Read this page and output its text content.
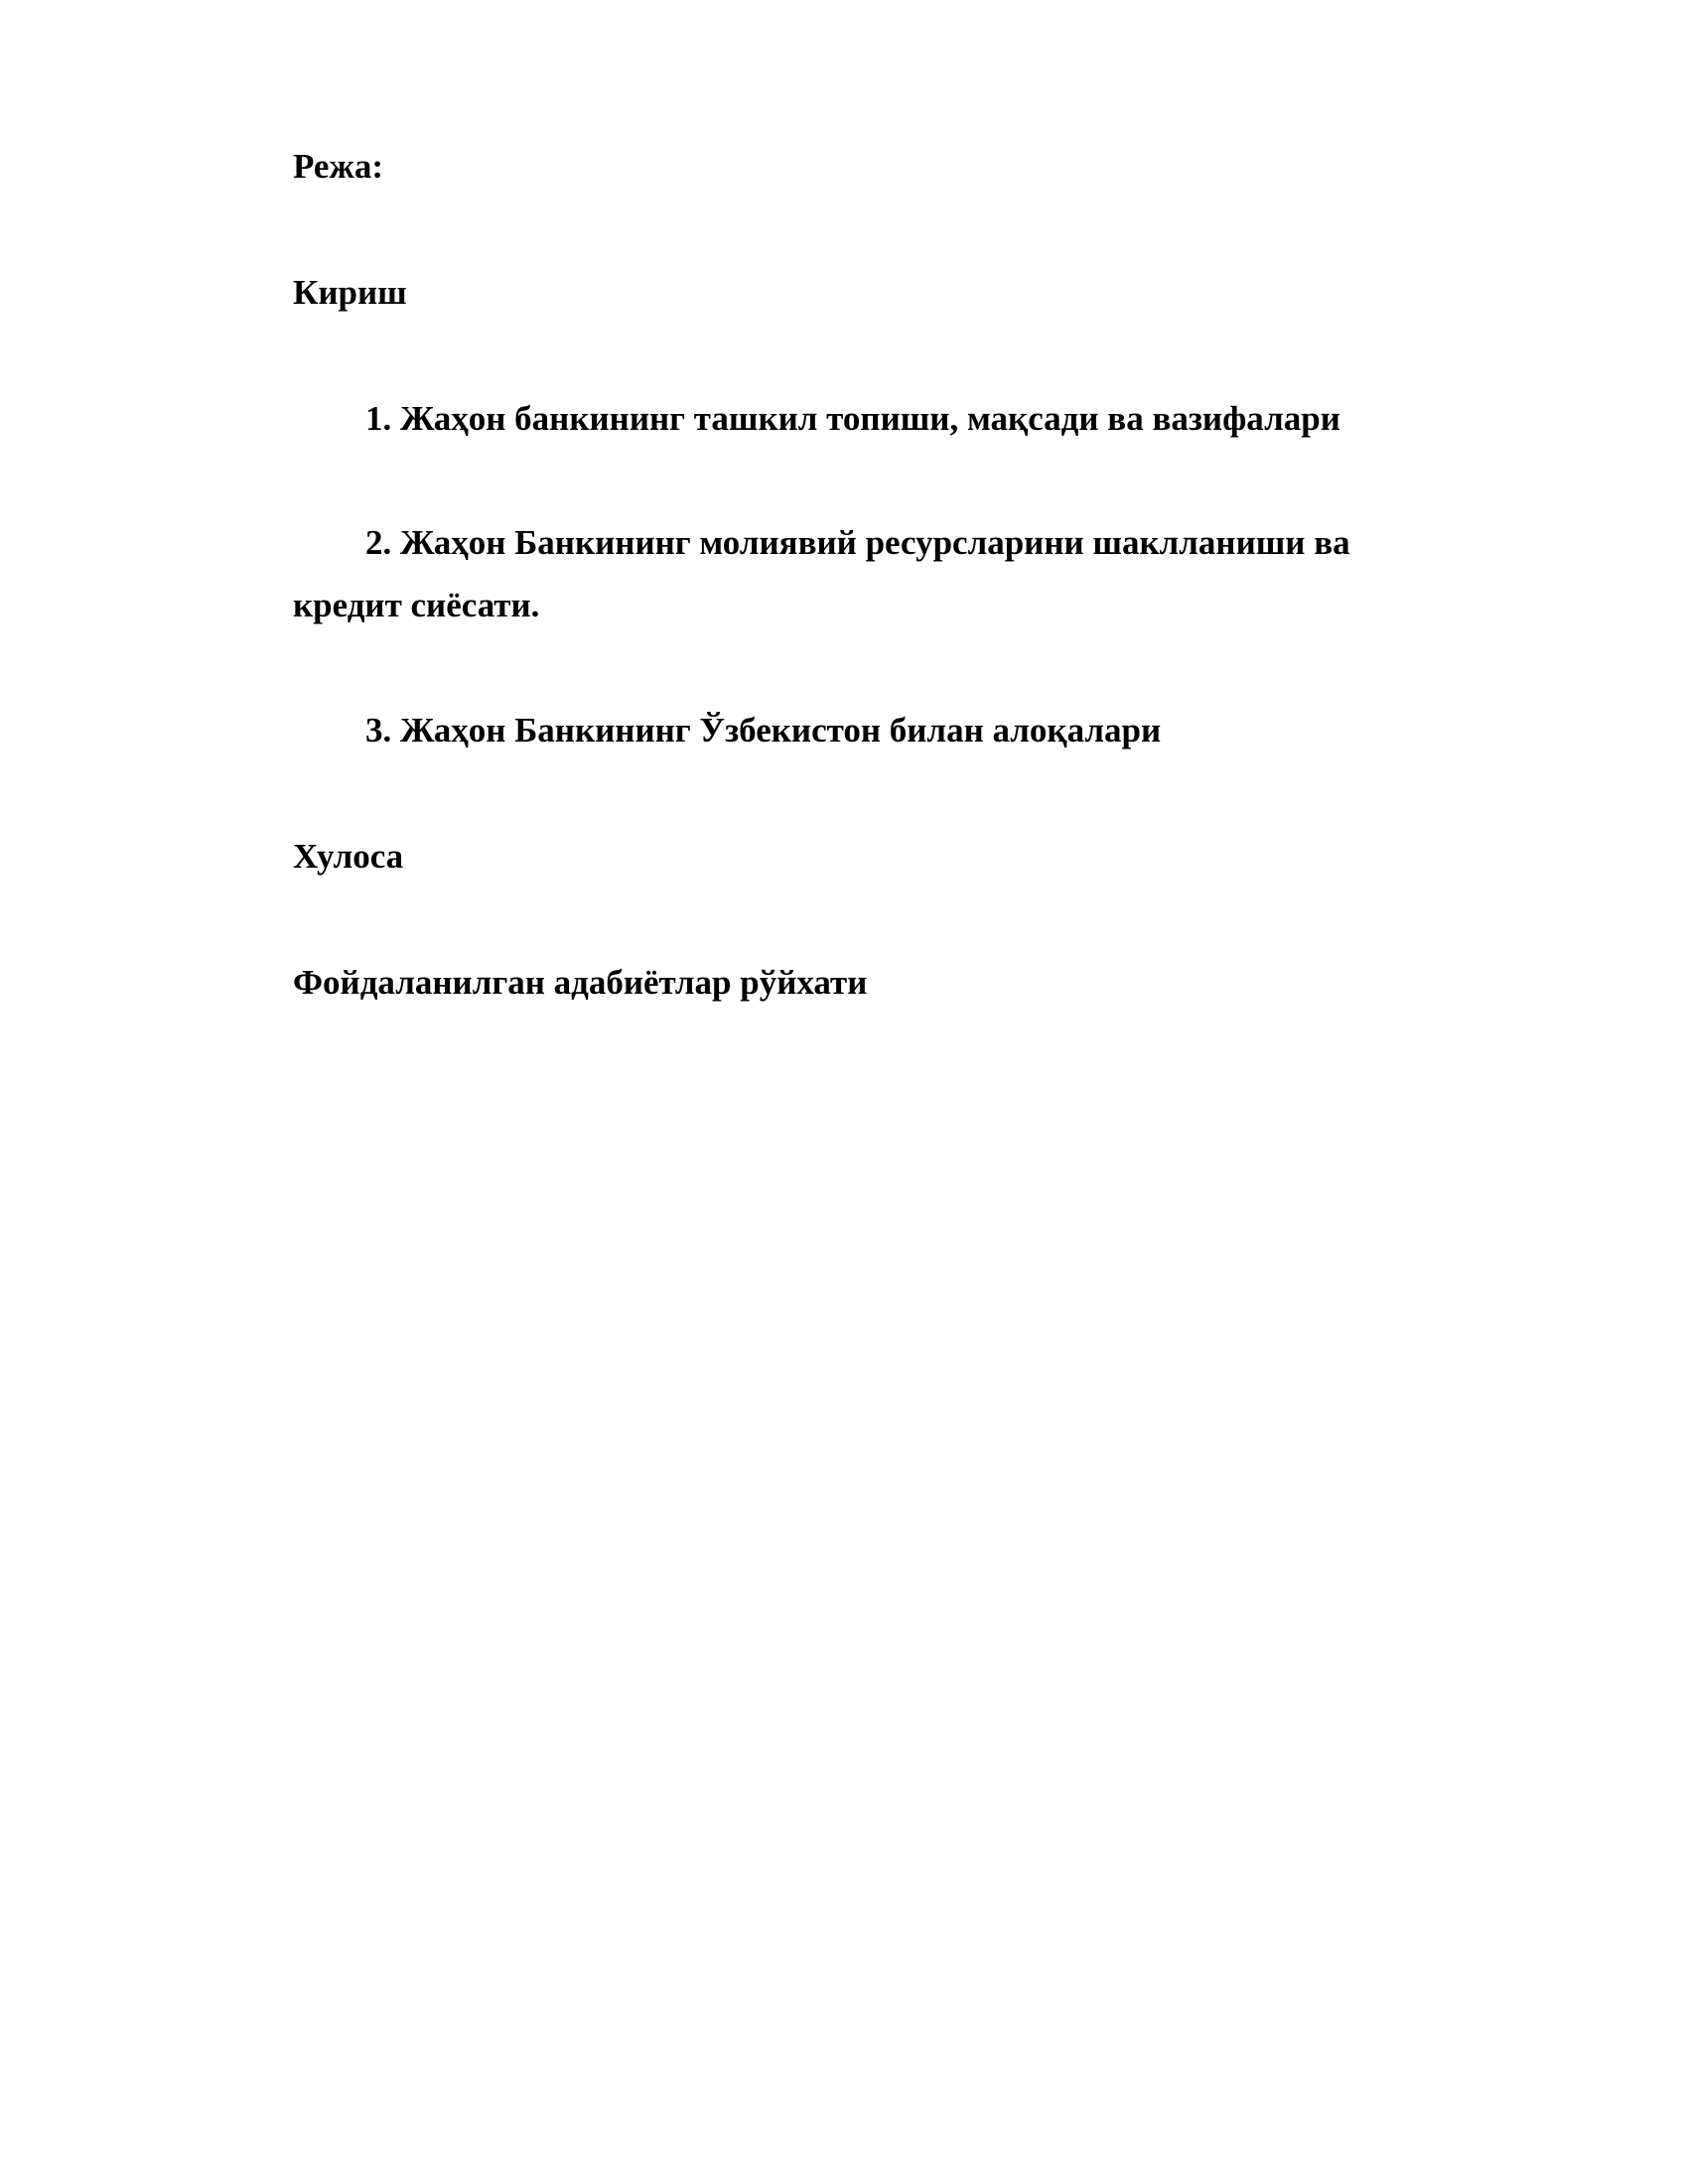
Режа:
Кириш
1. Жаҳон банкининг ташкил топиши, мақсади ва вазифалари
2. Жаҳон Банкининг молиявий ресурсларини шаклланиши ва
кредит сиёсати.
3. Жаҳон Банкининг Ўзбекистон билан алоқалари
Хулоса
Фойдаланилган адабиётлар рўйхати
